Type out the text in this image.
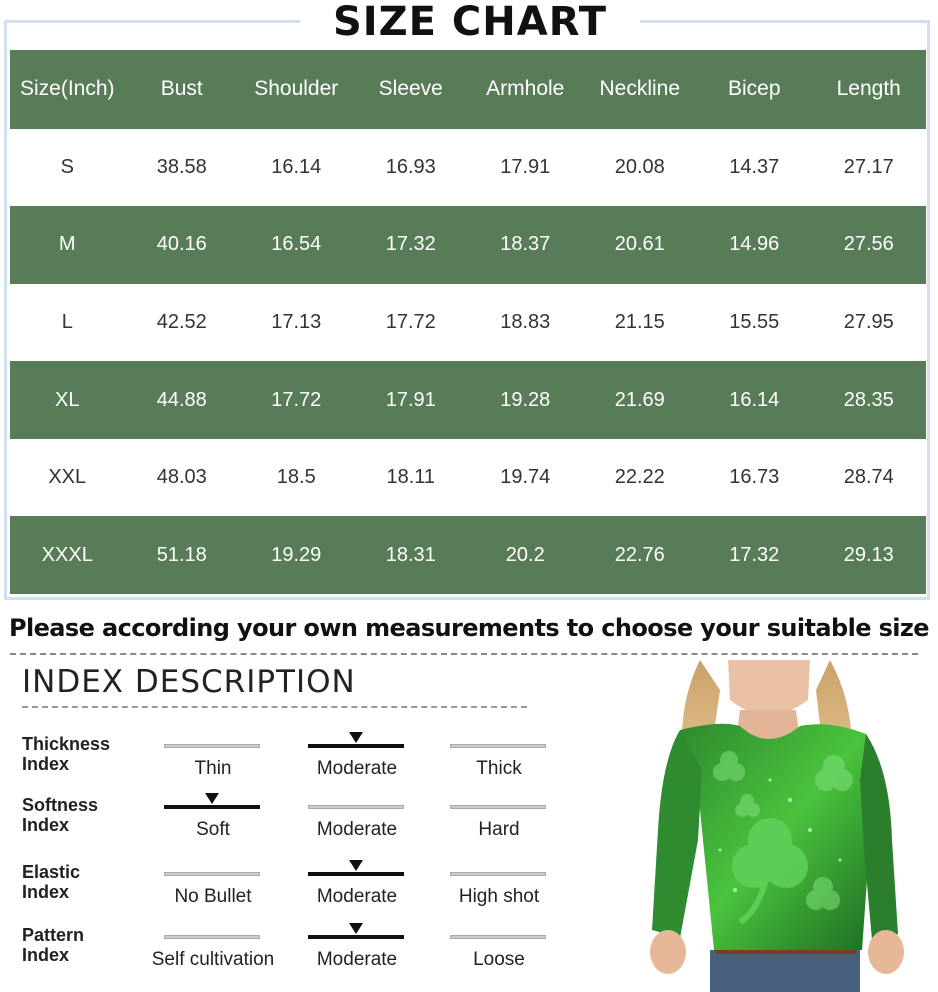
SIZE CHART
Size(Inch)	Bust	Shoulder	Sleeve	Armhole	Neckline	Bicep	Length
S	38.58	16.14	16.93	17.91	20.08	14.37	27.17
M	40.16	16.54	17.32	18.37	20.61	14.96	27.56
L	42.52	17.13	17.72	18.83	21.15	15.55	27.95
XL	44.88	17.72	17.91	19.28	21.69	16.14	28.35
XXL	48.03	18.5	18.11	19.74	22.22	16.73	28.74
XXXL	51.18	19.29	18.31	20.2	22.76	17.32	29.13
Please according your own measurements to choose your suitable size
INDEX DESCRIPTION
Thickness
Index	Thin	Moderate	Thick
Softness
Index	Soft	Moderate	Hard
Elastic
Index	No Bullet	Moderate	High shot
Pattern
Index	Self cultivation	Moderate	Loose
